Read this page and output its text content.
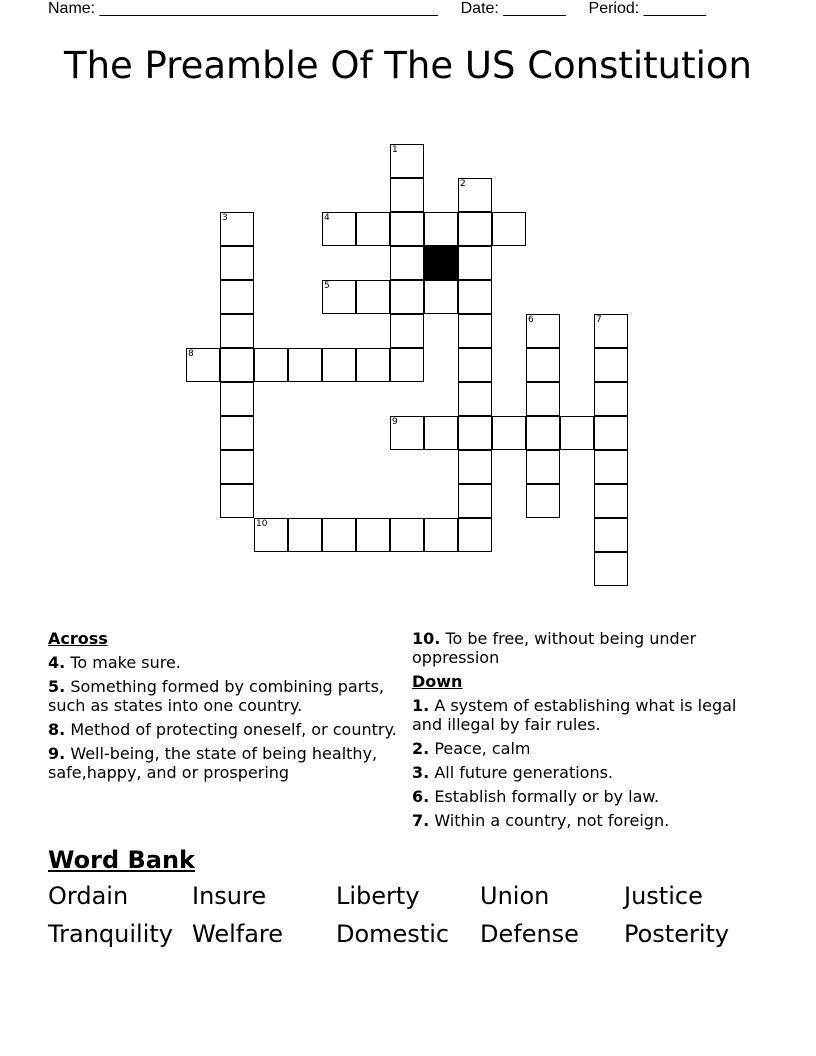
Name: ______________________________________ Date: _______ Period: _______
The Preamble Of The US Constitution
1
2
3	4
5
6	7
8
9
10
Across
4. To make sure.
5. Something formed by combining parts, such as states into one country.
8. Method of protecting oneself, or country.
9. Well-being, the state of being healthy, safe,happy, and or prospering
10. To be free, without being under oppression
Down
1. A system of establishing what is legal and illegal by fair rules.
2. Peace, calm
3. All future generations.
6. Establish formally or by law.
7. Within a country, not foreign.
Word Bank
Ordain	Insure	Liberty	Union	Justice
Tranquility Welfare	Domestic	Defense	Posterity
